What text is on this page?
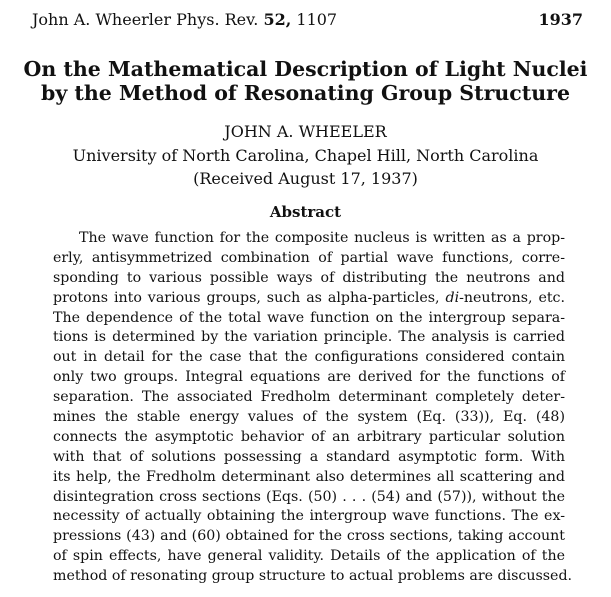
John A. Wheerler Phys. Rev. 52, 1107	1937
On the Mathematical Description of Light Nuclei
by the Method of Resonating Group Structure
JOHN A. WHEELER
University of North Carolina, Chapel Hill, North Carolina
(Received August 17, 1937)
Abstract
The wave function for the composite nucleus is written as a prop-
erly, antisymmetrized combination of partial wave functions, corre-
sponding to various possible ways of distributing the neutrons and
protons into various groups, such as alpha-particles, di-neutrons, etc.
The dependence of the total wave function on the intergroup separa-
tions is determined by the variation principle. The analysis is carried
out in detail for the case that the configurations considered contain
only two groups. Integral equations are derived for the functions of
separation. The associated Fredholm determinant completely deter-
mines the stable energy values of the system (Eq. (33)), Eq. (48)
connects the asymptotic behavior of an arbitrary particular solution
with that of solutions possessing a standard asymptotic form. With
its help, the Fredholm determinant also determines all scattering and
disintegration cross sections (Eqs. (50) . . . (54) and (57)), without the
necessity of actually obtaining the intergroup wave functions. The ex-
pressions (43) and (60) obtained for the cross sections, taking account
of spin effects, have general validity. Details of the application of the
method of resonating group structure to actual problems are discussed.
